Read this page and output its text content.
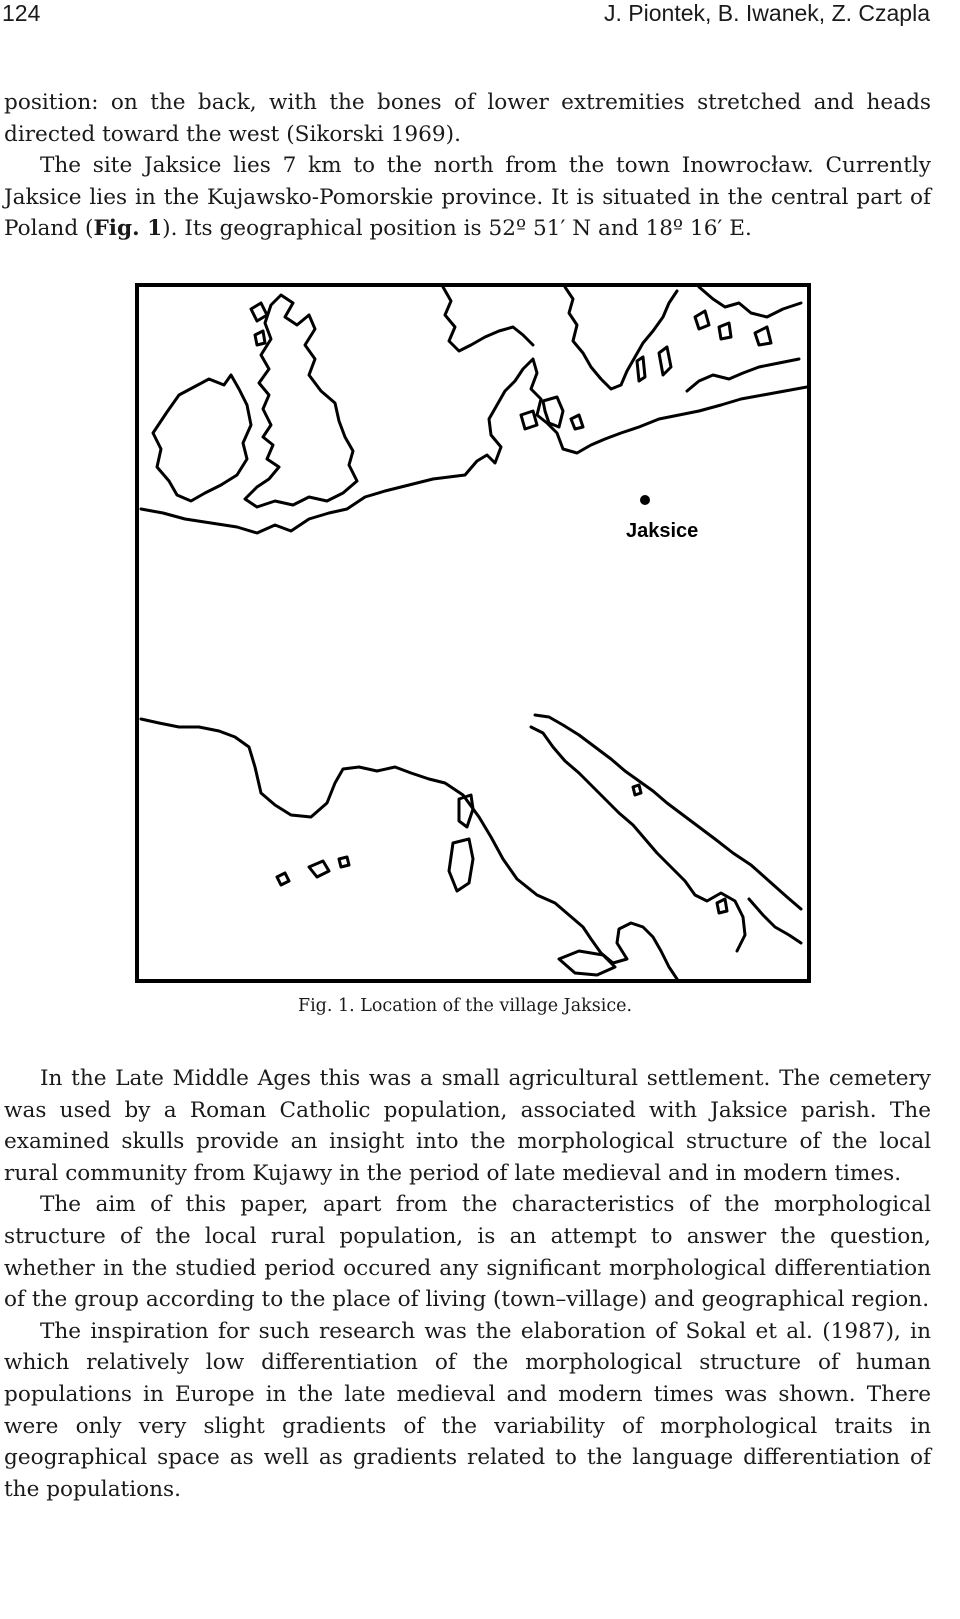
124	J. Piontek, B. Iwanek, Z. Czapla

position: on the back, with the bones of lower extremities stretched and heads directed toward the west (Sikorski 1969).

The site Jaksice lies 7 km to the north from the town Inowrocław. Currently Jaksice lies in the Kujawsko-Pomorskie province. It is situated in the central part of Poland (Fig. 1). Its geographical position is 52º 51′ N and 18º 16′ E.

Jaksice
Fig. 1. Location of the village Jaksice.

In the Late Middle Ages this was a small agricultural settlement. The cemetery was used by a Roman Catholic population, associated with Jaksice parish. The examined skulls provide an insight into the morphological structure of the local rural community from Kujawy in the period of late medieval and in modern times.

The aim of this paper, apart from the characteristics of the morphological structure of the local rural population, is an attempt to answer the question, whether in the studied period occured any significant morphological differentiation of the group according to the place of living (town–village) and geographical region.

The inspiration for such research was the elaboration of Sokal et al. (1987), in which relatively low differentiation of the morphological structure of human populations in Europe in the late medieval and modern times was shown. There were only very slight gradients of the variability of morphological traits in geographical space as well as gradients related to the language differentiation of the populations.
